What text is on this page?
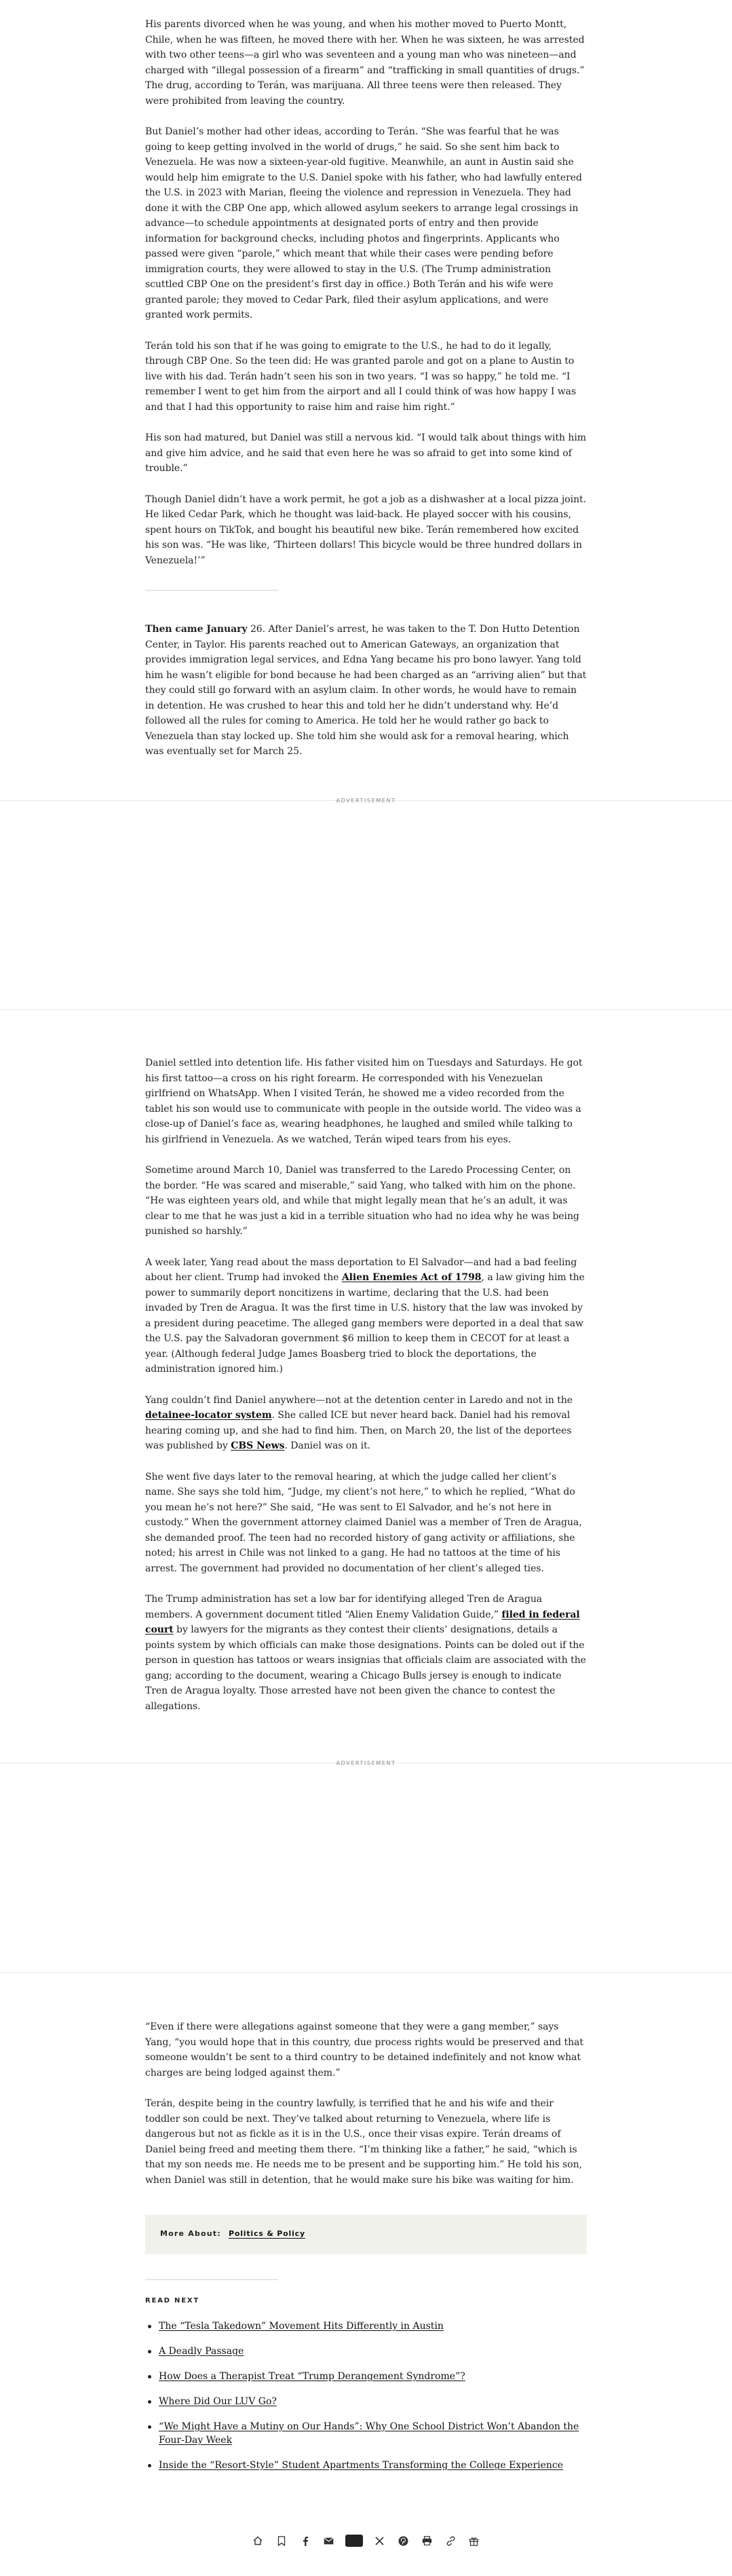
His parents divorced when he was young, and when his mother moved to Puerto Montt, Chile, when he was fifteen, he moved there with her. When he was sixteen, he was arrested with two other teens—a girl who was seventeen and a young man who was nineteen—and charged with “illegal possession of a firearm” and “trafficking in small quantities of drugs.” The drug, according to Terán, was marijuana. All three teens were then released. They were prohibited from leaving the country.

But Daniel’s mother had other ideas, according to Terán. “She was fearful that he was going to keep getting involved in the world of drugs,” he said. So she sent him back to Venezuela. He was now a sixteen-year-old fugitive. Meanwhile, an aunt in Austin said she would help him emigrate to the U.S. Daniel spoke with his father, who had lawfully entered the U.S. in 2023 with Marian, fleeing the violence and repression in Venezuela. They had done it with the CBP One app, which allowed asylum seekers to arrange legal crossings in advance—to schedule appointments at designated ports of entry and then provide information for background checks, including photos and fingerprints. Applicants who passed were given “parole,” which meant that while their cases were pending before immigration courts, they were allowed to stay in the U.S. (The Trump administration scuttled CBP One on the president’s first day in office.) Both Terán and his wife were granted parole; they moved to Cedar Park, filed their asylum applications, and were granted work permits.

Terán told his son that if he was going to emigrate to the U.S., he had to do it legally, through CBP One. So the teen did: He was granted parole and got on a plane to Austin to live with his dad. Terán hadn’t seen his son in two years. “I was so happy,” he told me. “I remember I went to get him from the airport and all I could think of was how happy I was and that I had this opportunity to raise him and raise him right.”

His son had matured, but Daniel was still a nervous kid. “I would talk about things with him and give him advice, and he said that even here he was so afraid to get into some kind of trouble.”

Though Daniel didn’t have a work permit, he got a job as a dishwasher at a local pizza joint. He liked Cedar Park, which he thought was laid-back. He played soccer with his cousins, spent hours on TikTok, and bought his beautiful new bike. Terán remembered how excited his son was. “He was like, ‘Thirteen dollars! This bicycle would be three hundred dollars in Venezuela!’”

Then came January 26. After Daniel’s arrest, he was taken to the T. Don Hutto Detention Center, in Taylor. His parents reached out to American Gateways, an organization that provides immigration legal services, and Edna Yang became his pro bono lawyer. Yang told him he wasn’t eligible for bond because he had been charged as an “arriving alien” but that they could still go forward with an asylum claim. In other words, he would have to remain in detention. He was crushed to hear this and told her he didn’t understand why. He’d followed all the rules for coming to America. He told her he would rather go back to Venezuela than stay locked up. She told him she would ask for a removal hearing, which was eventually set for March 25.

ADVERTISEMENT

Daniel settled into detention life. His father visited him on Tuesdays and Saturdays. He got his first tattoo—a cross on his right forearm. He corresponded with his Venezuelan girlfriend on WhatsApp. When I visited Terán, he showed me a video recorded from the tablet his son would use to communicate with people in the outside world. The video was a close-up of Daniel’s face as, wearing headphones, he laughed and smiled while talking to his girlfriend in Venezuela. As we watched, Terán wiped tears from his eyes.

Sometime around March 10, Daniel was transferred to the Laredo Processing Center, on the border. “He was scared and miserable,” said Yang, who talked with him on the phone. “He was eighteen years old, and while that might legally mean that he’s an adult, it was clear to me that he was just a kid in a terrible situation who had no idea why he was being punished so harshly.”

A week later, Yang read about the mass deportation to El Salvador—and had a bad feeling about her client. Trump had invoked the Alien Enemies Act of 1798, a law giving him the power to summarily deport noncitizens in wartime, declaring that the U.S. had been invaded by Tren de Aragua. It was the first time in U.S. history that the law was invoked by a president during peacetime. The alleged gang members were deported in a deal that saw the U.S. pay the Salvadoran government $6 million to keep them in CECOT for at least a year. (Although federal Judge James Boasberg tried to block the deportations, the administration ignored him.)

Yang couldn’t find Daniel anywhere—not at the detention center in Laredo and not in the detainee-locator system. She called ICE but never heard back. Daniel had his removal hearing coming up, and she had to find him. Then, on March 20, the list of the deportees was published by CBS News. Daniel was on it.

She went five days later to the removal hearing, at which the judge called her client’s name. She says she told him, “Judge, my client’s not here,” to which he replied, “What do you mean he’s not here?” She said, “He was sent to El Salvador, and he’s not here in custody.” When the government attorney claimed Daniel was a member of Tren de Aragua, she demanded proof. The teen had no recorded history of gang activity or affiliations, she noted; his arrest in Chile was not linked to a gang. He had no tattoos at the time of his arrest. The government had provided no documentation of her client’s alleged ties.

The Trump administration has set a low bar for identifying alleged Tren de Aragua members. A government document titled “Alien Enemy Validation Guide,” filed in federal court by lawyers for the migrants as they contest their clients’ designations, details a points system by which officials can make those designations. Points can be doled out if the person in question has tattoos or wears insignias that officials claim are associated with the gang; according to the document, wearing a Chicago Bulls jersey is enough to indicate Tren de Aragua loyalty. Those arrested have not been given the chance to contest the allegations.

ADVERTISEMENT

“Even if there were allegations against someone that they were a gang member,” says Yang, “you would hope that in this country, due process rights would be preserved and that someone wouldn’t be sent to a third country to be detained indefinitely and not know what charges are being lodged against them.”

Terán, despite being in the country lawfully, is terrified that he and his wife and their toddler son could be next. They’ve talked about returning to Venezuela, where life is dangerous but not as fickle as it is in the U.S., once their visas expire. Terán dreams of Daniel being freed and meeting them there. “I’m thinking like a father,” he said, “which is that my son needs me. He needs me to be present and be supporting him.” He told his son, when Daniel was still in detention, that he would make sure his bike was waiting for him.

More About: Politics & Policy
READ NEXT
The “Tesla Takedown” Movement Hits Differently in Austin
A Deadly Passage
How Does a Therapist Treat “Trump Derangement Syndrome”?
Where Did Our LUV Go?
“We Might Have a Mutiny on Our Hands”: Why One School District Won’t Abandon the Four-Day Week
Inside the “Resort-Style” Student Apartments Transforming the College Experience
